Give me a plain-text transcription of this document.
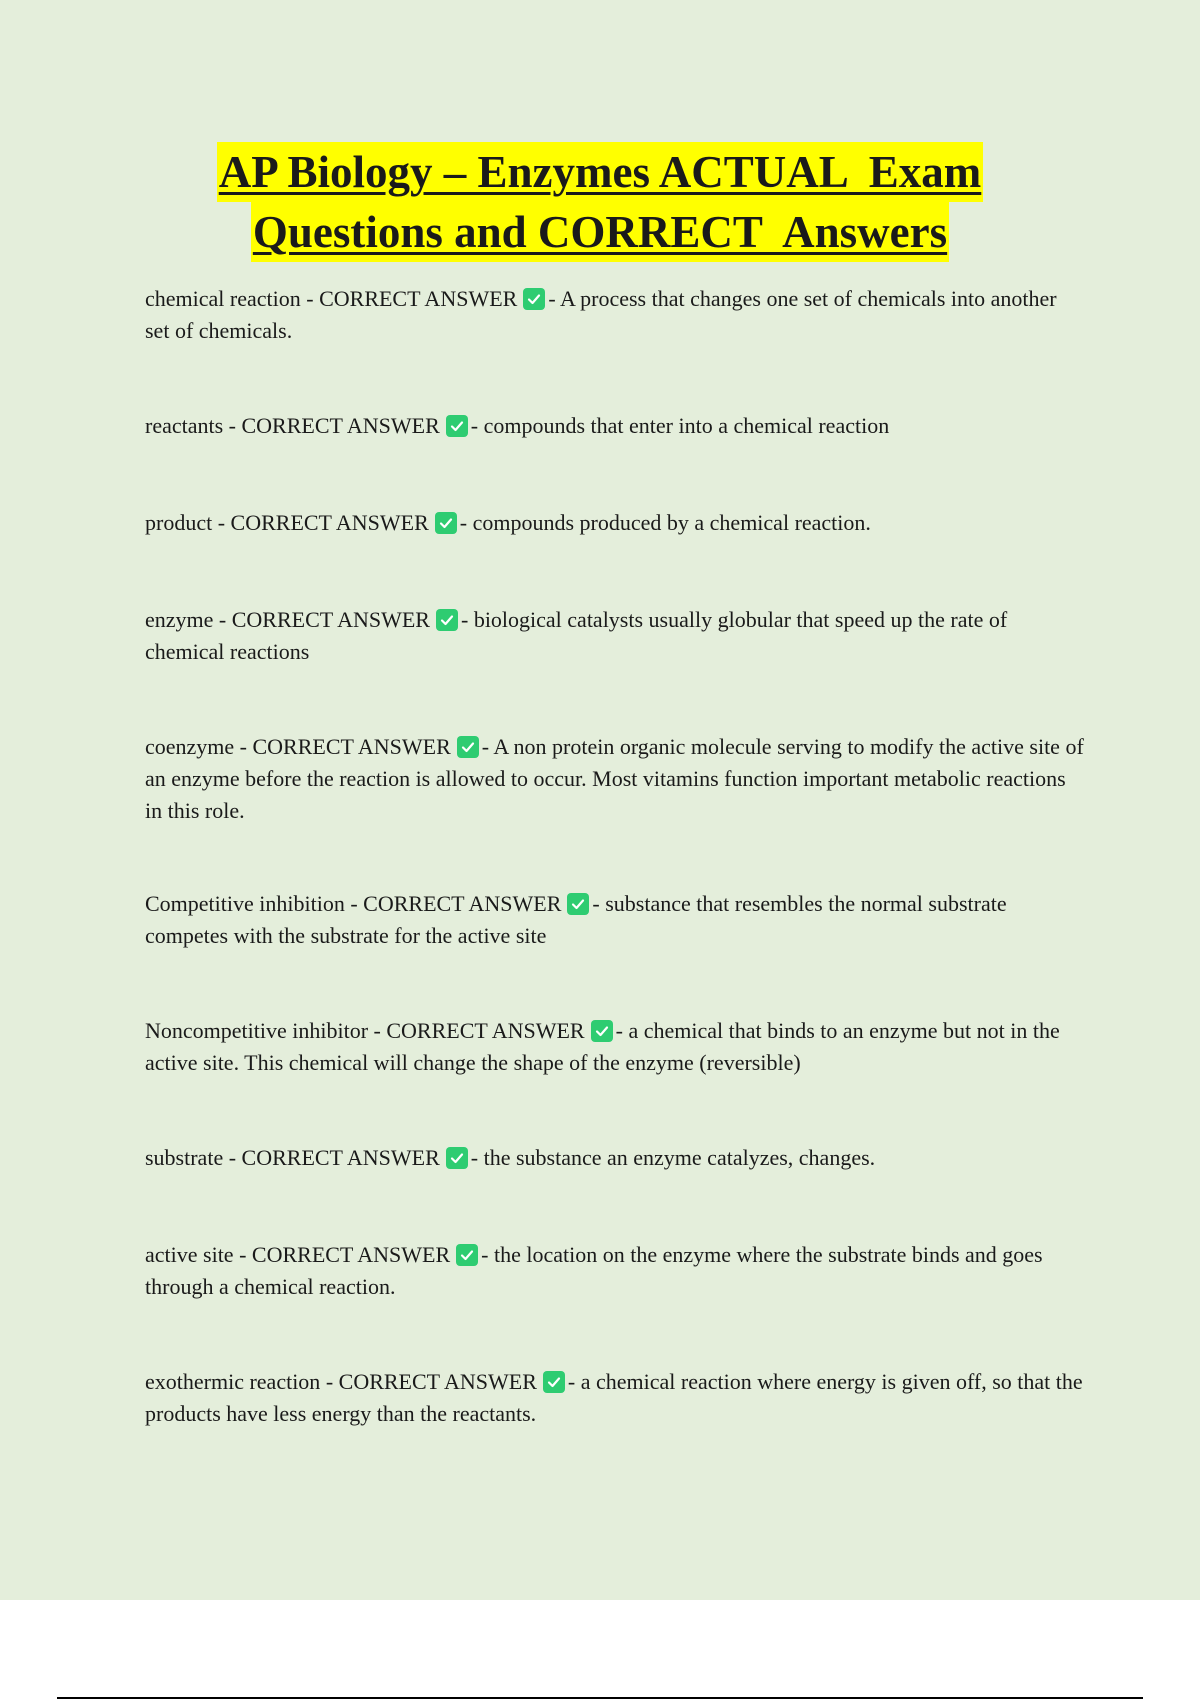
AP Biology – Enzymes ACTUAL  Exam
Questions and CORRECT  Answers

chemical reaction - CORRECT ANSWER - A process that changes one set of chemicals into another set of chemicals.

reactants - CORRECT ANSWER - compounds that enter into a chemical reaction

product - CORRECT ANSWER - compounds produced by a chemical reaction.

enzyme - CORRECT ANSWER - biological catalysts usually globular that speed up the rate of chemical reactions

coenzyme - CORRECT ANSWER - A non protein organic molecule serving to modify the active site of an enzyme before the reaction is allowed to occur. Most vitamins function important metabolic reactions in this role.

Competitive inhibition - CORRECT ANSWER - substance that resembles the normal substrate competes with the substrate for the active site

Noncompetitive inhibitor - CORRECT ANSWER - a chemical that binds to an enzyme but not in the active site. This chemical will change the shape of the enzyme (reversible)

substrate - CORRECT ANSWER - the substance an enzyme catalyzes, changes.

active site - CORRECT ANSWER - the location on the enzyme where the substrate binds and goes through a chemical reaction.

exothermic reaction - CORRECT ANSWER - a chemical reaction where energy is given off, so that the products have less energy than the reactants.
